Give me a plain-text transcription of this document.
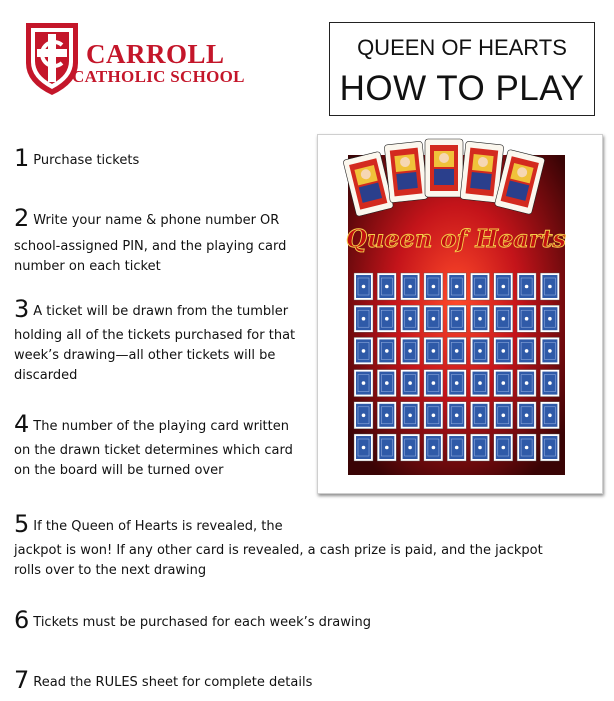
CARROLL
CATHOLIC SCHOOL
QUEEN OF HEARTS
HOW TO PLAY
1 Purchase tickets
2 Write your name & phone number OR
school-assigned PIN, and the playing card
number on each ticket
3 A ticket will be drawn from the tumbler
holding all of the tickets purchased for that
week’s drawing—all other tickets will be
discarded
4 The number of the playing card written
on the drawn ticket determines which card
on the board will be turned over
5 If the Queen of Hearts is revealed, the
jackpot is won! If any other card is revealed, a cash prize is paid, and the jackpot
rolls over to the next drawing
6 Tickets must be purchased for each week’s drawing
7 Read the RULES sheet for complete details
Queen of Hearts
